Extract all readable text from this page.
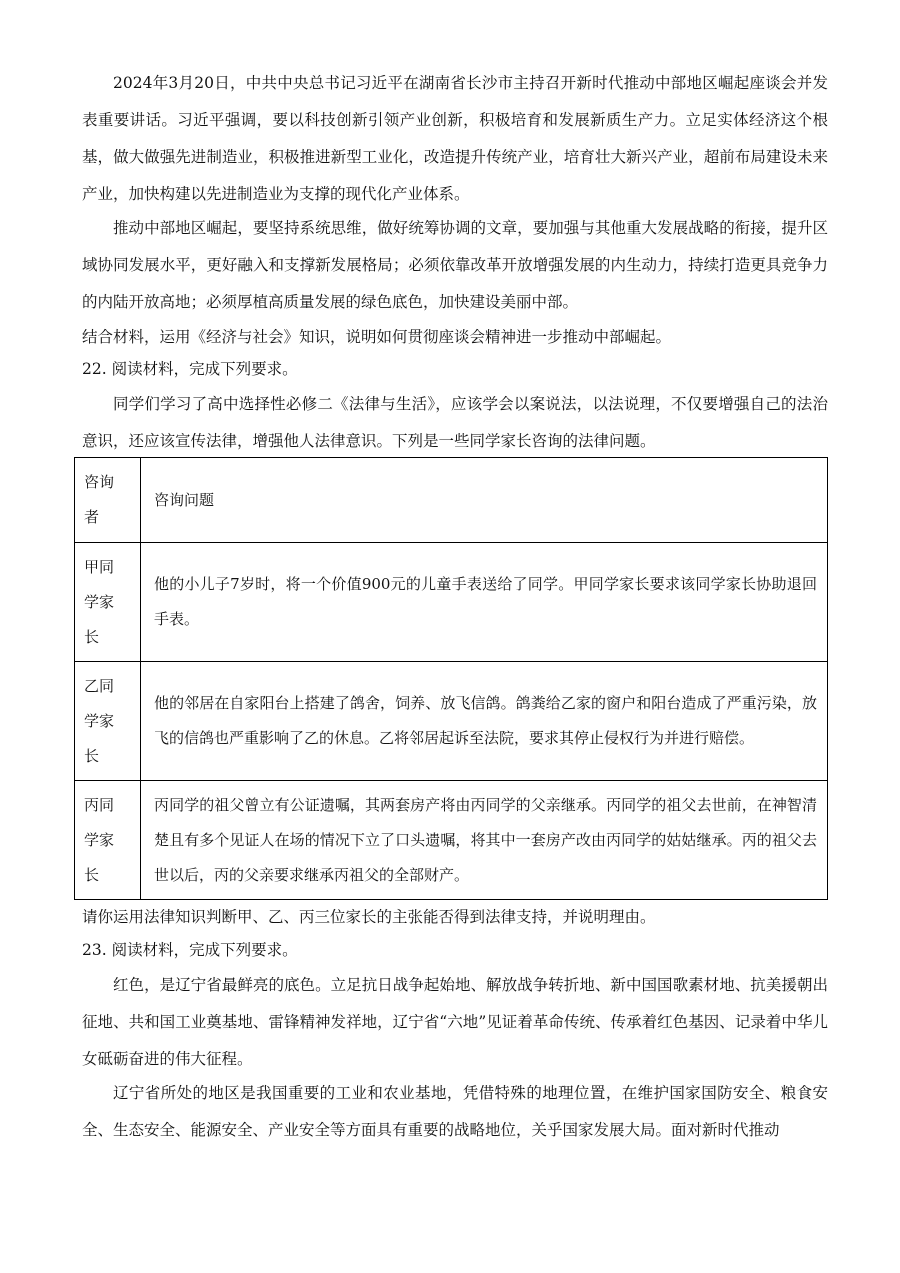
2024年3月20日，中共中央总书记习近平在湖南省长沙市主持召开新时代推动中部地区崛起座谈会并发表重要讲话。习近平强调，要以科技创新引领产业创新，积极培育和发展新质生产力。立足实体经济这个根基，做大做强先进制造业，积极推进新型工业化，改造提升传统产业，培育壮大新兴产业，超前布局建设未来产业，加快构建以先进制造业为支撑的现代化产业体系。

推动中部地区崛起，要坚持系统思维，做好统筹协调的文章，要加强与其他重大发展战略的衔接，提升区域协同发展水平，更好融入和支撑新发展格局；必须依靠改革开放增强发展的内生动力，持续打造更具竞争力的内陆开放高地；必须厚植高质量发展的绿色底色，加快建设美丽中部。

结合材料，运用《经济与社会》知识，说明如何贯彻座谈会精神进一步推动中部崛起。

22. 阅读材料，完成下列要求。

同学们学习了高中选择性必修二《法律与生活》，应该学会以案说法，以法说理，不仅要增强自己的法治意识，还应该宣传法律，增强他人法律意识。下列是一些同学家长咨询的法律问题。

咨询者	咨询问题

甲同学家长	他的小儿子7岁时，将一个价值900元的儿童手表送给了同学。甲同学家长要求该同学家长协助退回手表。

乙同学家长	他的邻居在自家阳台上搭建了鸽舍，饲养、放飞信鸽。鸽粪给乙家的窗户和阳台造成了严重污染，放飞的信鸽也严重影响了乙的休息。乙将邻居起诉至法院，要求其停止侵权行为并进行赔偿。

丙同学家长	丙同学的祖父曾立有公证遗嘱，其两套房产将由丙同学的父亲继承。丙同学的祖父去世前，在神智清楚且有多个见证人在场的情况下立了口头遗嘱，将其中一套房产改由丙同学的姑姑继承。丙的祖父去世以后，丙的父亲要求继承丙祖父的全部财产。

请你运用法律知识判断甲、乙、丙三位家长的主张能否得到法律支持，并说明理由。

23. 阅读材料，完成下列要求。

红色，是辽宁省最鲜亮的底色。立足抗日战争起始地、解放战争转折地、新中国国歌素材地、抗美援朝出征地、共和国工业奠基地、雷锋精神发祥地，辽宁省“六地”见证着革命传统、传承着红色基因、记录着中华儿女砥砺奋进的伟大征程。

辽宁省所处的地区是我国重要的工业和农业基地，凭借特殊的地理位置，在维护国家国防安全、粮食安全、生态安全、能源安全、产业安全等方面具有重要的战略地位，关乎国家发展大局。面对新时代推动
